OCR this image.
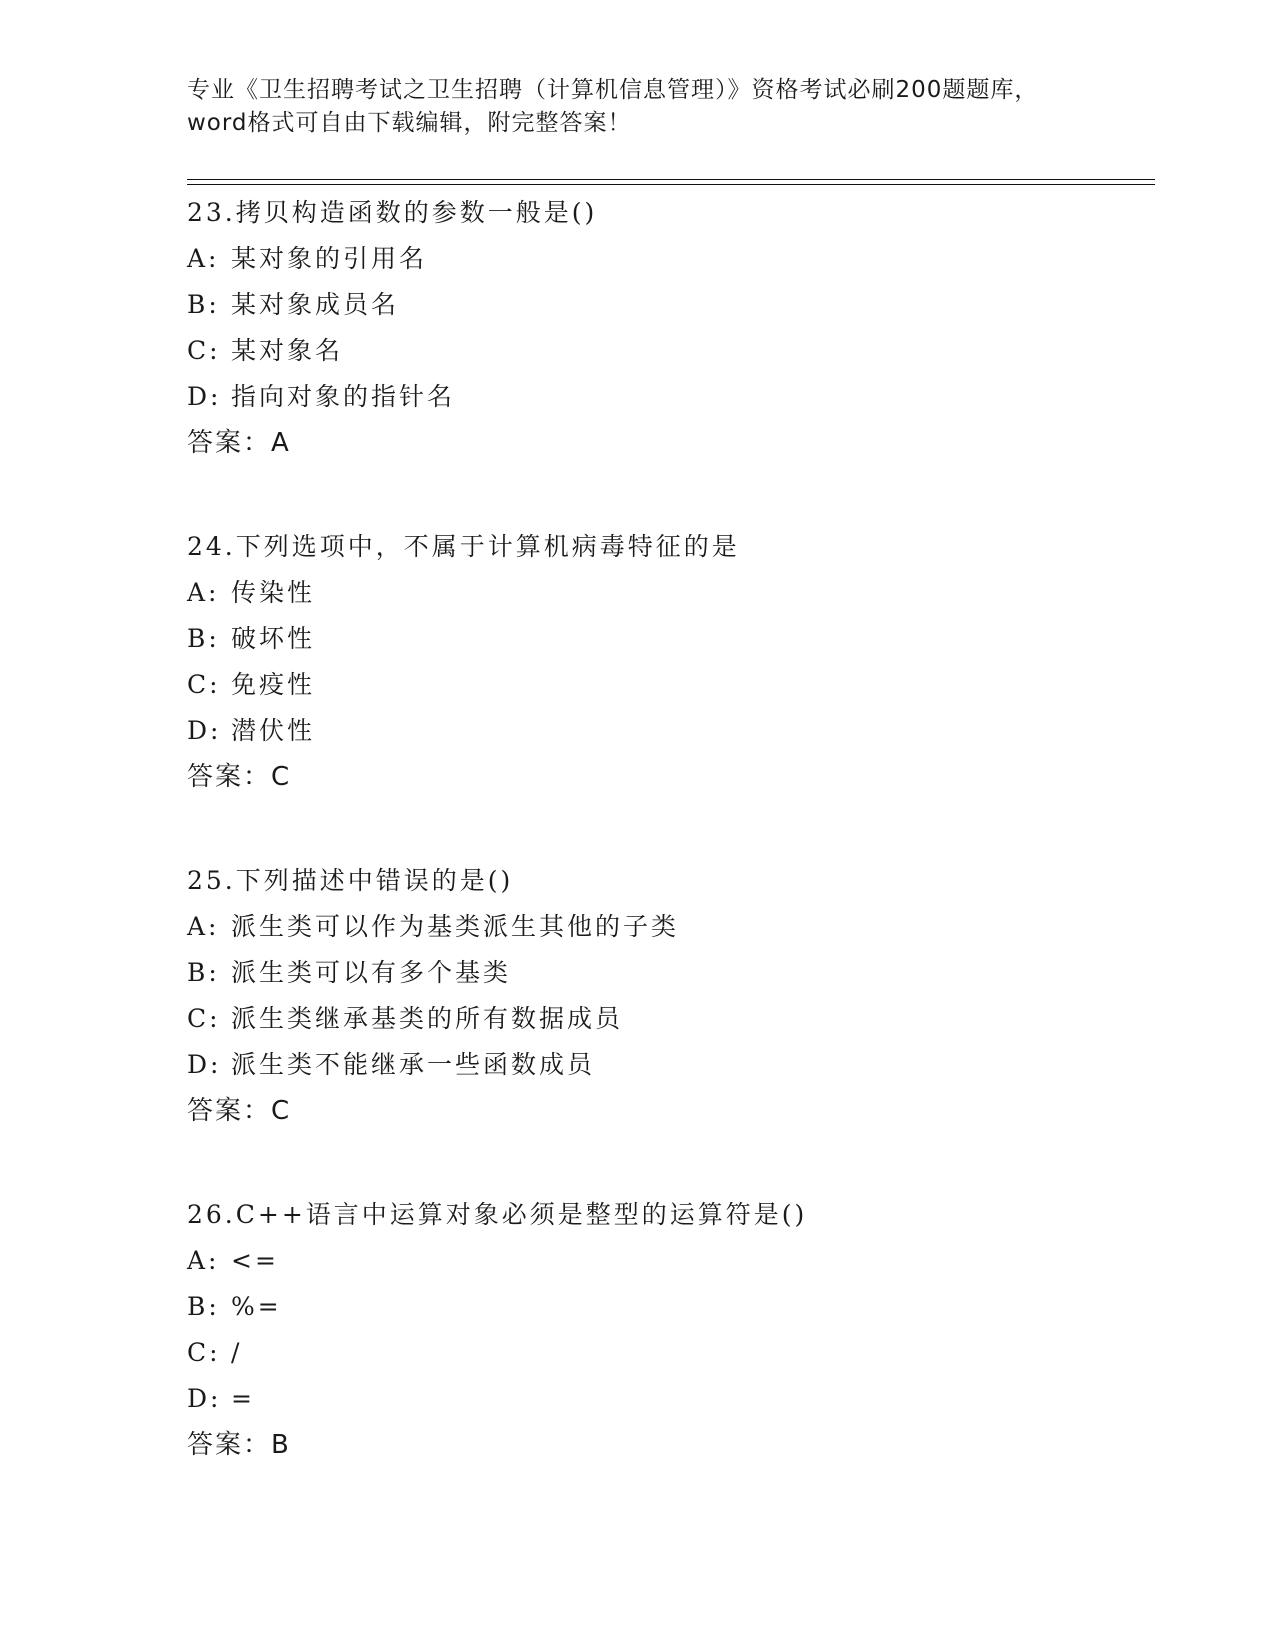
专业《卫生招聘考试之卫生招聘（计算机信息管理）》资格考试必刷200题题库，
word格式可自由下载编辑，附完整答案！
23.拷贝构造函数的参数一般是()
A: 某对象的引用名
B: 某对象成员名
C: 某对象名
D: 指向对象的指针名
答案：A
24.下列选项中，不属于计算机病毒特征的是
A: 传染性
B: 破坏性
C: 免疫性
D: 潜伏性
答案：C
25.下列描述中错误的是()
A: 派生类可以作为基类派生其他的子类
B: 派生类可以有多个基类
C: 派生类继承基类的所有数据成员
D: 派生类不能继承一些函数成员
答案：C
26.C++语言中运算对象必须是整型的运算符是()
A: <=
B: %=
C: /
D: =
答案：B
